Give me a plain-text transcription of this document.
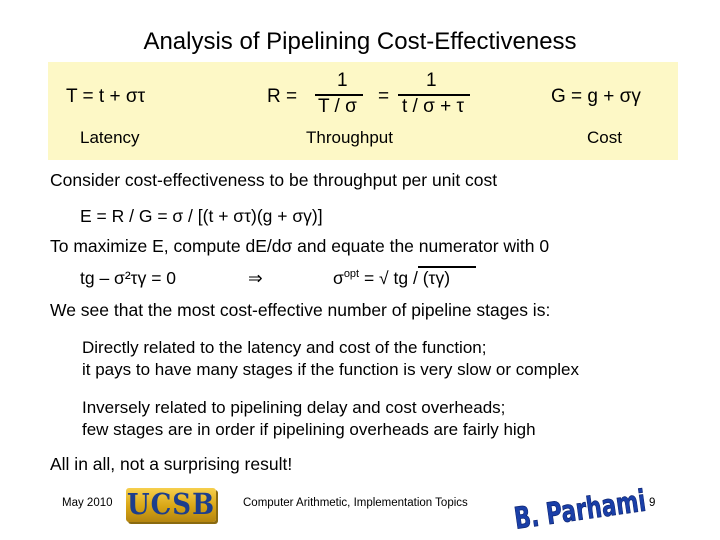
Analysis of Pipelining Cost-Effectiveness
T = t + στ	R =
1
T / σ =
1
t / σ + τ	G = g + σγ
Latency	Throughput	Cost
Consider cost-effectiveness to be throughput per unit cost
E = R / G = σ / [(t + στ)(g + σγ)]
To maximize E, compute dE/dσ and equate the numerator with 0
tg – σ²τγ = 0	⇒	$\sigma^{opt}$ = √ tg / (τγ)
We see that the most cost-effective number of pipeline stages is:
Directly related to the latency and cost of the function;
it pays to have many stages if the function is very slow or complex
Inversely related to pipelining delay and cost overheads;
few stages are in order if pipelining overheads are fairly high
All in all, not a surprising result!
May 2010 UCSB Computer Arithmetic, Implementation Topics B. Parhami 9
